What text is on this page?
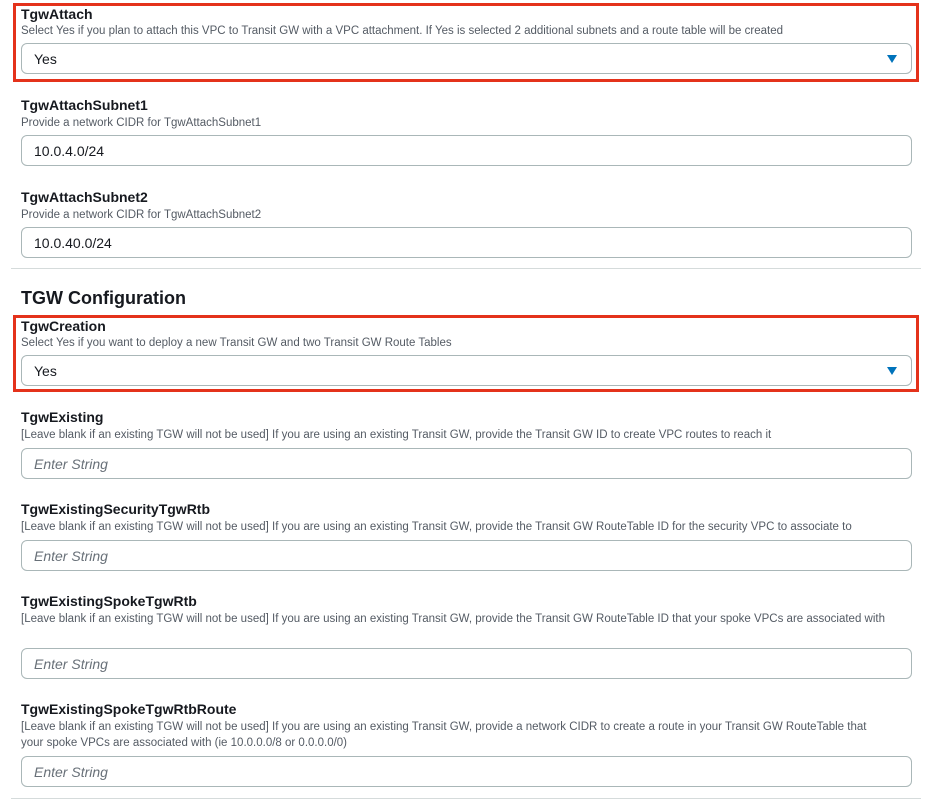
TgwAttach
Select Yes if you plan to attach this VPC to Transit GW with a VPC attachment. If Yes is selected 2 additional subnets and a route table will be created
Yes
TgwAttachSubnet1
Provide a network CIDR for TgwAttachSubnet1
10.0.4.0/24
TgwAttachSubnet2
Provide a network CIDR for TgwAttachSubnet2
10.0.40.0/24
TGW Configuration
TgwCreation
Select Yes if you want to deploy a new Transit GW and two Transit GW Route Tables
Yes
TgwExisting
[Leave blank if an existing TGW will not be used] If you are using an existing Transit GW, provide the Transit GW ID to create VPC routes to reach it
Enter String
TgwExistingSecurityTgwRtb
[Leave blank if an existing TGW will not be used] If you are using an existing Transit GW, provide the Transit GW RouteTable ID for the security VPC to associate to
Enter String
TgwExistingSpokeTgwRtb
[Leave blank if an existing TGW will not be used] If you are using an existing Transit GW, provide the Transit GW RouteTable ID that your spoke VPCs are associated with
Enter String
TgwExistingSpokeTgwRtbRoute
[Leave blank if an existing TGW will not be used] If you are using an existing Transit GW, provide a network CIDR to create a route in your Transit GW RouteTable that your spoke VPCs are associated with (ie 10.0.0.0/8 or 0.0.0.0/0)
Enter String
